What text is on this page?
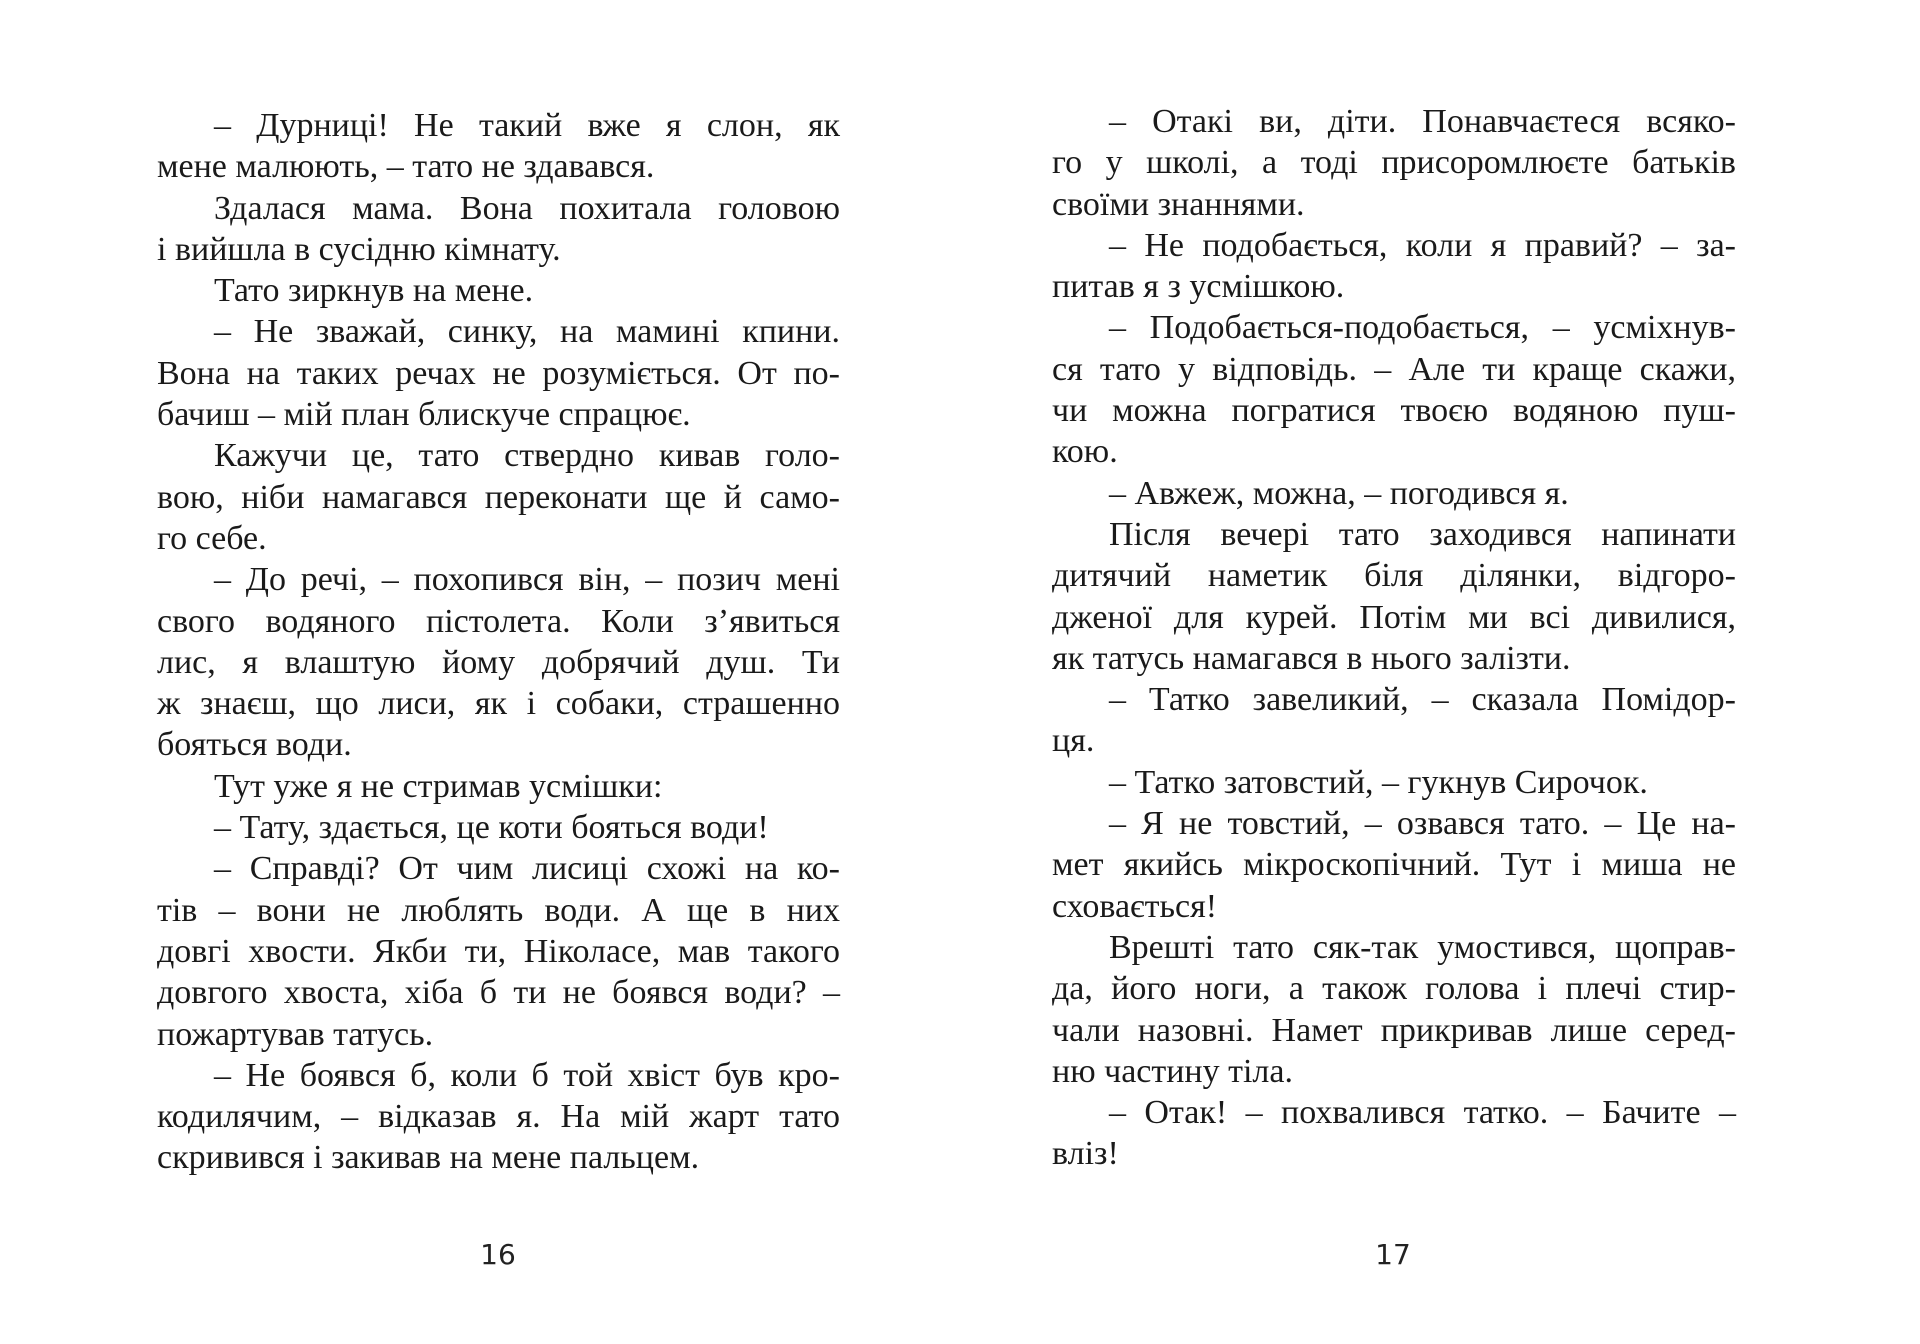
– Дурниці! Не такий вже я слон, як
мене малюють, – тато не здавався.
Здалася мама. Вона похитала головою
і вийшла в сусідню кімнату.
Тато зиркнув на мене.
– Не зважай, синку, на мамині кпини.
Вона на таких речах не розуміється. От по-
бачиш – мій план блискуче спрацює.
Кажучи це, тато ствердно кивав голо-
вою, ніби намагався переконати ще й само-
го себе.
– До речі, – похопився він, – позич мені
свого водяного пістолета. Коли з’явиться
лис, я влаштую йому добрячий душ. Ти
ж знаєш, що лиси, як і собаки, страшенно
бояться води.
Тут уже я не стримав усмішки:
– Тату, здається, це коти бояться води!
– Справді? От чим лисиці схожі на ко-
тів – вони не люблять води. А ще в них
довгі хвости. Якби ти, Ніколасе, мав такого
довгого хвоста, хіба б ти не боявся води? –
пожартував татусь.
– Не боявся б, коли б той хвіст був кро-
кодилячим, – відказав я. На мій жарт тато
скривився і закивав на мене пальцем.
16
– Отакі ви, діти. Понавчаєтеся всяко-
го у школі, а тоді присоромлюєте батьків
своїми знаннями.
– Не подобається, коли я правий? – за-
питав я з усмішкою.
– Подобається-подобається, – усміхнув-
ся тато у відповідь. – Але ти краще скажи,
чи можна погратися твоєю водяною пуш-
кою.
– Авжеж, можна, – погодився я.
Після вечері тато заходився напинати
дитячий наметик біля ділянки, відгоро-
дженої для курей. Потім ми всі дивилися,
як татусь намагався в нього залізти.
– Татко завеликий, – сказала Помідор-
ця.
– Татко затовстий, – гукнув Сирочок.
– Я не товстий, – озвався тато. – Це на-
мет якийсь мікроскопічний. Тут і миша не
сховається!
Врешті тато сяк-так умостився, щоправ-
да, його ноги, а також голова і плечі стир-
чали назовні. Намет прикривав лише серед-
ню частину тіла.
– Отак! – похвалився татко. – Бачите –
вліз!
17
